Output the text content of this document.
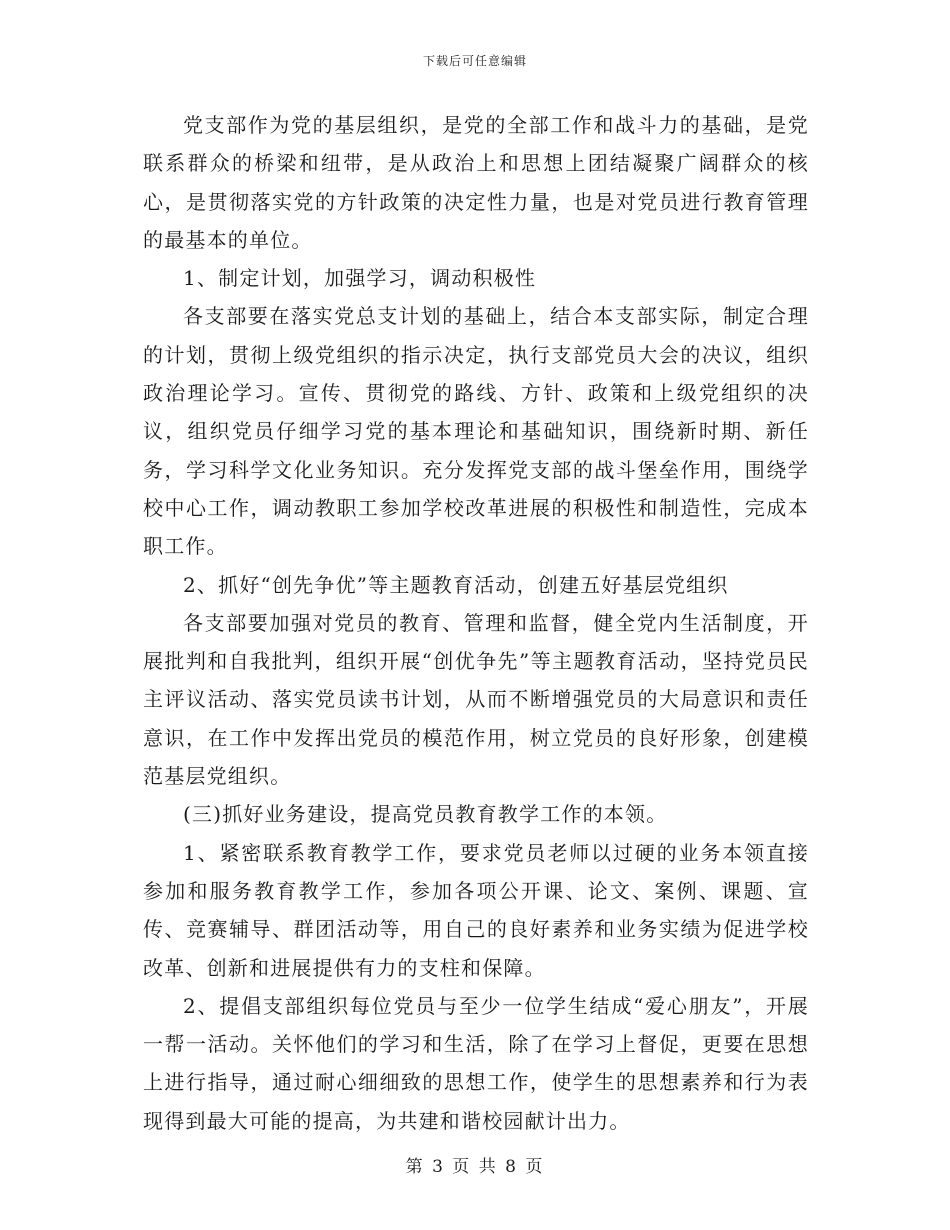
下载后可任意编辑

党支部作为党的基层组织，是党的全部工作和战斗力的基础，是党联系群众的桥梁和纽带，是从政治上和思想上团结凝聚广阔群众的核心，是贯彻落实党的方针政策的决定性力量，也是对党员进行教育管理的最基本的单位。

1、制定计划，加强学习，调动积极性

各支部要在落实党总支计划的基础上，结合本支部实际，制定合理的计划，贯彻上级党组织的指示决定，执行支部党员大会的决议，组织政治理论学习。宣传、贯彻党的路线、方针、政策和上级党组织的决议，组织党员仔细学习党的基本理论和基础知识，围绕新时期、新任务，学习科学文化业务知识。充分发挥党支部的战斗堡垒作用，围绕学校中心工作，调动教职工参加学校改革进展的积极性和制造性，完成本职工作。

2、抓好“创先争优”等主题教育活动，创建五好基层党组织

各支部要加强对党员的教育、管理和监督，健全党内生活制度，开展批判和自我批判，组织开展“创优争先”等主题教育活动，坚持党员民主评议活动、落实党员读书计划，从而不断增强党员的大局意识和责任意识，在工作中发挥出党员的模范作用，树立党员的良好形象，创建模范基层党组织。

(三)抓好业务建设，提高党员教育教学工作的本领。

1、紧密联系教育教学工作，要求党员老师以过硬的业务本领直接参加和服务教育教学工作，参加各项公开课、论文、案例、课题、宣传、竞赛辅导、群团活动等，用自己的良好素养和业务实绩为促进学校改革、创新和进展提供有力的支柱和保障。

2、提倡支部组织每位党员与至少一位学生结成“爱心朋友”，开展一帮一活动。关怀他们的学习和生活，除了在学习上督促，更要在思想上进行指导，通过耐心细细致的思想工作，使学生的思想素养和行为表现得到最大可能的提高，为共建和谐校园献计出力。

第 3 页 共 8 页
